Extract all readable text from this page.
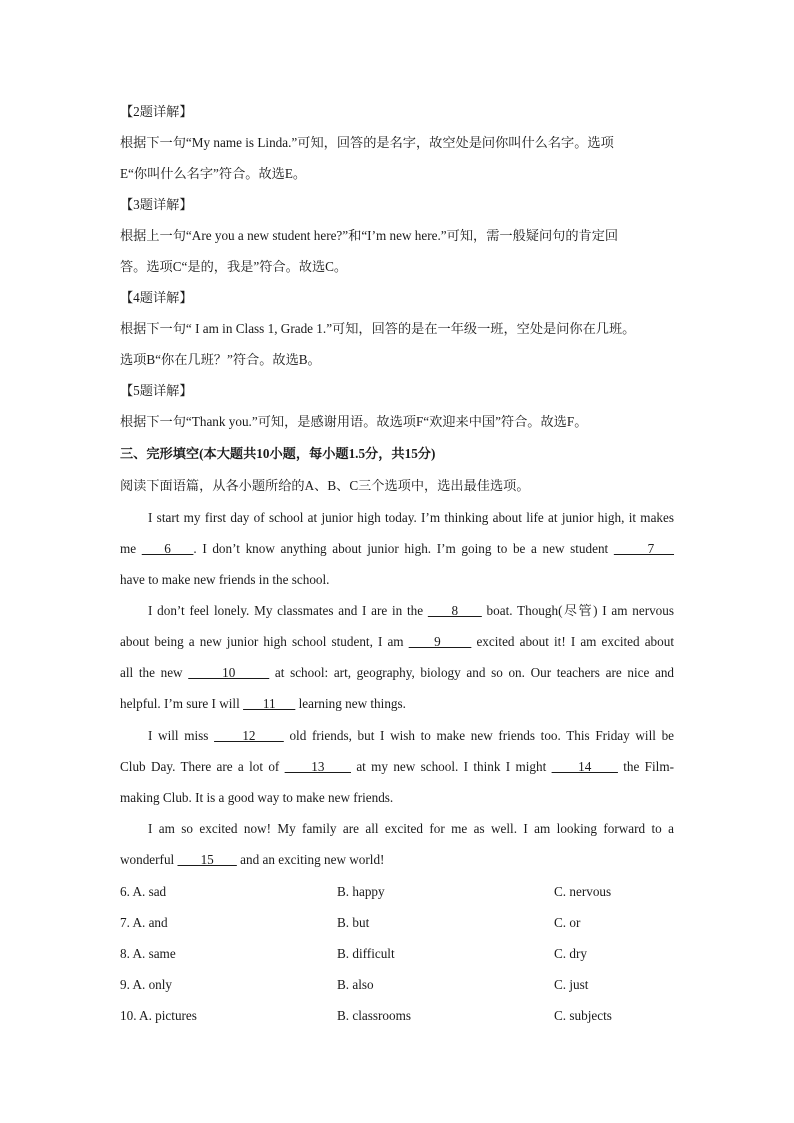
【2题详解】
根据下一句“My name is Linda.”可知，回答的是名字，故空处是问你叫什么名字。选项
E“你叫什么名字”符合。故选E。
【3题详解】
根据上一句“Are you a new student here?”和“I’m new here.”可知，需一般疑问句的肯定回
答。选项C“是的，我是”符合。故选C。
【4题详解】
根据下一句“ I am in Class 1, Grade 1.”可知，回答的是在一年级一班，空处是问你在几班。
选项B“你在几班？”符合。故选B。
【5题详解】
根据下一句“Thank you.”可知，是感谢用语。故选项F“欢迎来中国”符合。故选F。
三、完形填空(本大题共10小题，每小题1.5分，共15分)
阅读下面语篇，从各小题所给的A、B、C三个选项中，选出最佳选项。
I start my first day of school at junior high today. I’m thinking about life at junior high, it makes
me     6    . I don’t know anything about junior high. I’m going to be a new student       7
have to make new friends in the school.
I don’t feel lonely. My classmates and I are in the      8      boat. Though(尽管) I am nervous
about being a new junior high school student, I am      9       excited about it! I am excited about
all the new       10       at school: art, geography, biology and so on. Our teachers are nice and
helpful. I’m sure I will       11       learning new things.
I will miss      12      old friends, but I wish to make new friends too. This Friday will be
Club Day. There are a lot of      13      at my new school. I think I might      14      the Film-
making Club. It is a good way to make new friends.
I am so excited now! My family are all excited for me as well. I am looking forward to a
wonderful        15        and an exciting new world!
6. A. sad	B. happy	C. nervous
7. A. and	B. but	C. or
8. A. same	B. difficult	C. dry
9. A. only	B. also	C. just
10. A. pictures	B. classrooms	C. subjects
